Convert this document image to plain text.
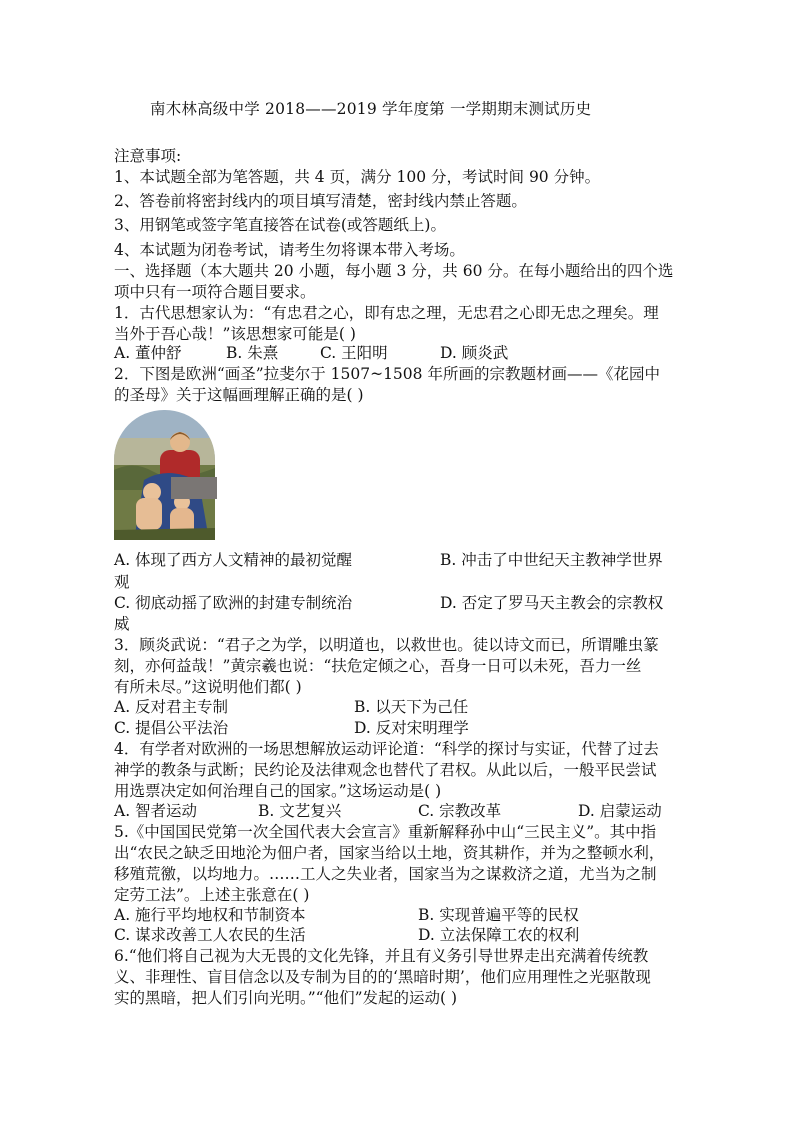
南木林高级中学 2018——2019 学年度第 一学期期末测试历史
注意事项:
1、本试题全部为笔答题，共 4 页，满分 100 分，考试时间 90 分钟。
2、答卷前将密封线内的项目填写清楚，密封线内禁止答题。
3、用钢笔或签字笔直接答在试卷(或答题纸上)。
4、本试题为闭卷考试，请考生勿将课本带入考场。
一、选择题（本大题共 20 小题，每小题 3 分，共 60 分。在每小题给出的四个选
项中只有一项符合题目要求。
1．古代思想家认为：“有忠君之心，即有忠之理，无忠君之心即无忠之理矣。理
当外于吾心哉！”该思想家可能是( )
A. 董仲舒	B. 朱熹	C. 王阳明	D. 顾炎武
2．下图是欧洲“画圣”拉斐尔于 1507~1508 年所画的宗教题材画——《花园中
的圣母》关于这幅画理解正确的是( )
A. 体现了西方人文精神的最初觉醒	B. 冲击了中世纪天主教神学世界
观
C. 彻底动摇了欧洲的封建专制统治	D. 否定了罗马天主教会的宗教权
威
3．顾炎武说：“君子之为学，以明道也，以救世也。徒以诗文而已，所谓雕虫篆
刻，亦何益哉！”黄宗羲也说：“扶危定倾之心，吾身一日可以未死，吾力一丝
有所未尽。”这说明他们都( )
A. 反对君主专制	B. 以天下为己任
C. 提倡公平法治	D. 反对宋明理学
4．有学者对欧洲的一场思想解放运动评论道：“科学的探讨与实证，代替了过去
神学的教条与武断；民约论及法律观念也替代了君权。从此以后，一般平民尝试
用选票决定如何治理自己的国家。”这场运动是( )
A. 智者运动	B. 文艺复兴	C. 宗教改革	D. 启蒙运动
5.《中国国民党第一次全国代表大会宣言》重新解释孙中山“三民主义”。其中指
出“农民之缺乏田地沦为佃户者，国家当给以土地，资其耕作，并为之整顿水利，
移殖荒徼，以均地力。……工人之失业者，国家当为之谋救济之道，尤当为之制
定劳工法”。上述主张意在( )
A. 施行平均地权和节制资本	B. 实现普遍平等的民权
C. 谋求改善工人农民的生活	D. 立法保障工农的权利
6.“他们将自己视为大无畏的文化先锋，并且有义务引导世界走出充满着传统教
义、非理性、盲目信念以及专制为目的的‘黑暗时期’，他们应用理性之光驱散现
实的黑暗，把人们引向光明。”“他们”发起的运动( )
